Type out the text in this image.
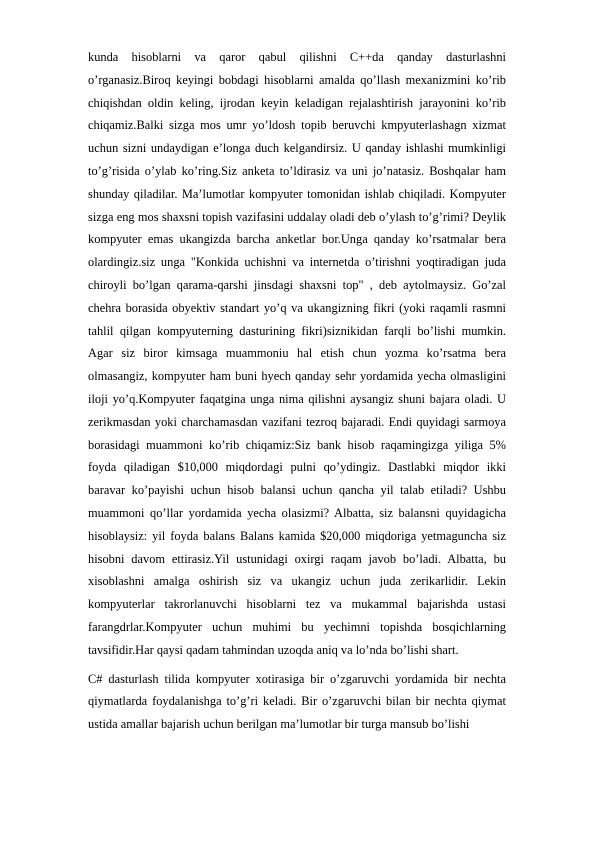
kunda hisoblarni va qaror qabul qilishni C++da qanday dasturlashni o’rganasiz.Biroq keyingi bobdagi hisoblarni amalda qo’llash mexanizmini ko’rib chiqishdan oldin keling, ijrodan keyin keladigan rejalashtirish jarayonini ko’rib chiqamiz.Balki sizga mos umr yo’ldosh topib beruvchi kmpyuterlashagn xizmat uchun sizni undaydigan e’longa duch kelgandirsiz. U qanday ishlashi mumkinligi to’g’risida o’ylab ko’ring.Siz anketa to’ldirasiz va uni jo’natasiz. Boshqalar ham shunday qiladilar. Ma’lumotlar kompyuter tomonidan ishlab chiqiladi. Kompyuter sizga eng mos shaxsni topish vazifasini uddalay oladi deb o’ylash to’g’rimi? Deylik kompyuter emas ukangizda barcha anketlar bor.Unga qanday ko’rsatmalar bera olardingiz.siz unga "Konkida uchishni va internetda o’tirishni yoqtiradigan juda chiroyli bo’lgan qarama-qarshi jinsdagi shaxsni top" , deb aytolmaysiz. Go’zal chehra borasida obyektiv standart yo’q va ukangizning fikri (yoki raqamli rasmni tahlil qilgan kompyuterning dasturining fikri)siznikidan farqli bo’lishi mumkin. Agar siz biror kimsaga muammoniu hal etish chun yozma ko’rsatma bera olmasangiz, kompyuter ham buni hyech qanday sehr yordamida yecha olmasligini iloji yo’q.Kompyuter faqatgina unga nima qilishni aysangiz shuni bajara oladi. U zerikmasdan yoki charchamasdan vazifani tezroq bajaradi. Endi quyidagi sarmoya borasidagi muammoni ko’rib chiqamiz:Siz bank hisob raqamingizga yiliga 5% foyda qiladigan $10,000 miqdordagi pulni qo’ydingiz. Dastlabki miqdor ikki baravar ko’payishi uchun hisob balansi uchun qancha yil talab etiladi? Ushbu muammoni qo’llar yordamida yecha olasizmi? Albatta, siz balansni quyidagicha hisoblaysiz: yil foyda balans Balans kamida $20,000 miqdoriga yetmaguncha siz hisobni davom ettirasiz.Yil ustunidagi oxirgi raqam javob bo’ladi. Albatta, bu xisoblashni amalga oshirish siz va ukangiz uchun juda zerikarlidir. Lekin kompyuterlar takrorlanuvchi hisoblarni tez va mukammal bajarishda ustasi farangdrlar.Kompyuter uchun muhimi bu yechimni topishda bosqichlarning tavsifidir.Har qaysi qadam tahmindan uzoqda aniq va lo’nda bo’lishi shart.

C# dasturlash tilida kompyuter xotirasiga bir o’zgaruvchi yordamida bir nechta qiymatlarda foydalanishga to’g’ri keladi. Bir o’zgaruvchi bilan bir nechta qiymat ustida amallar bajarish uchun berilgan ma’lumotlar bir turga mansub bo’lishi
